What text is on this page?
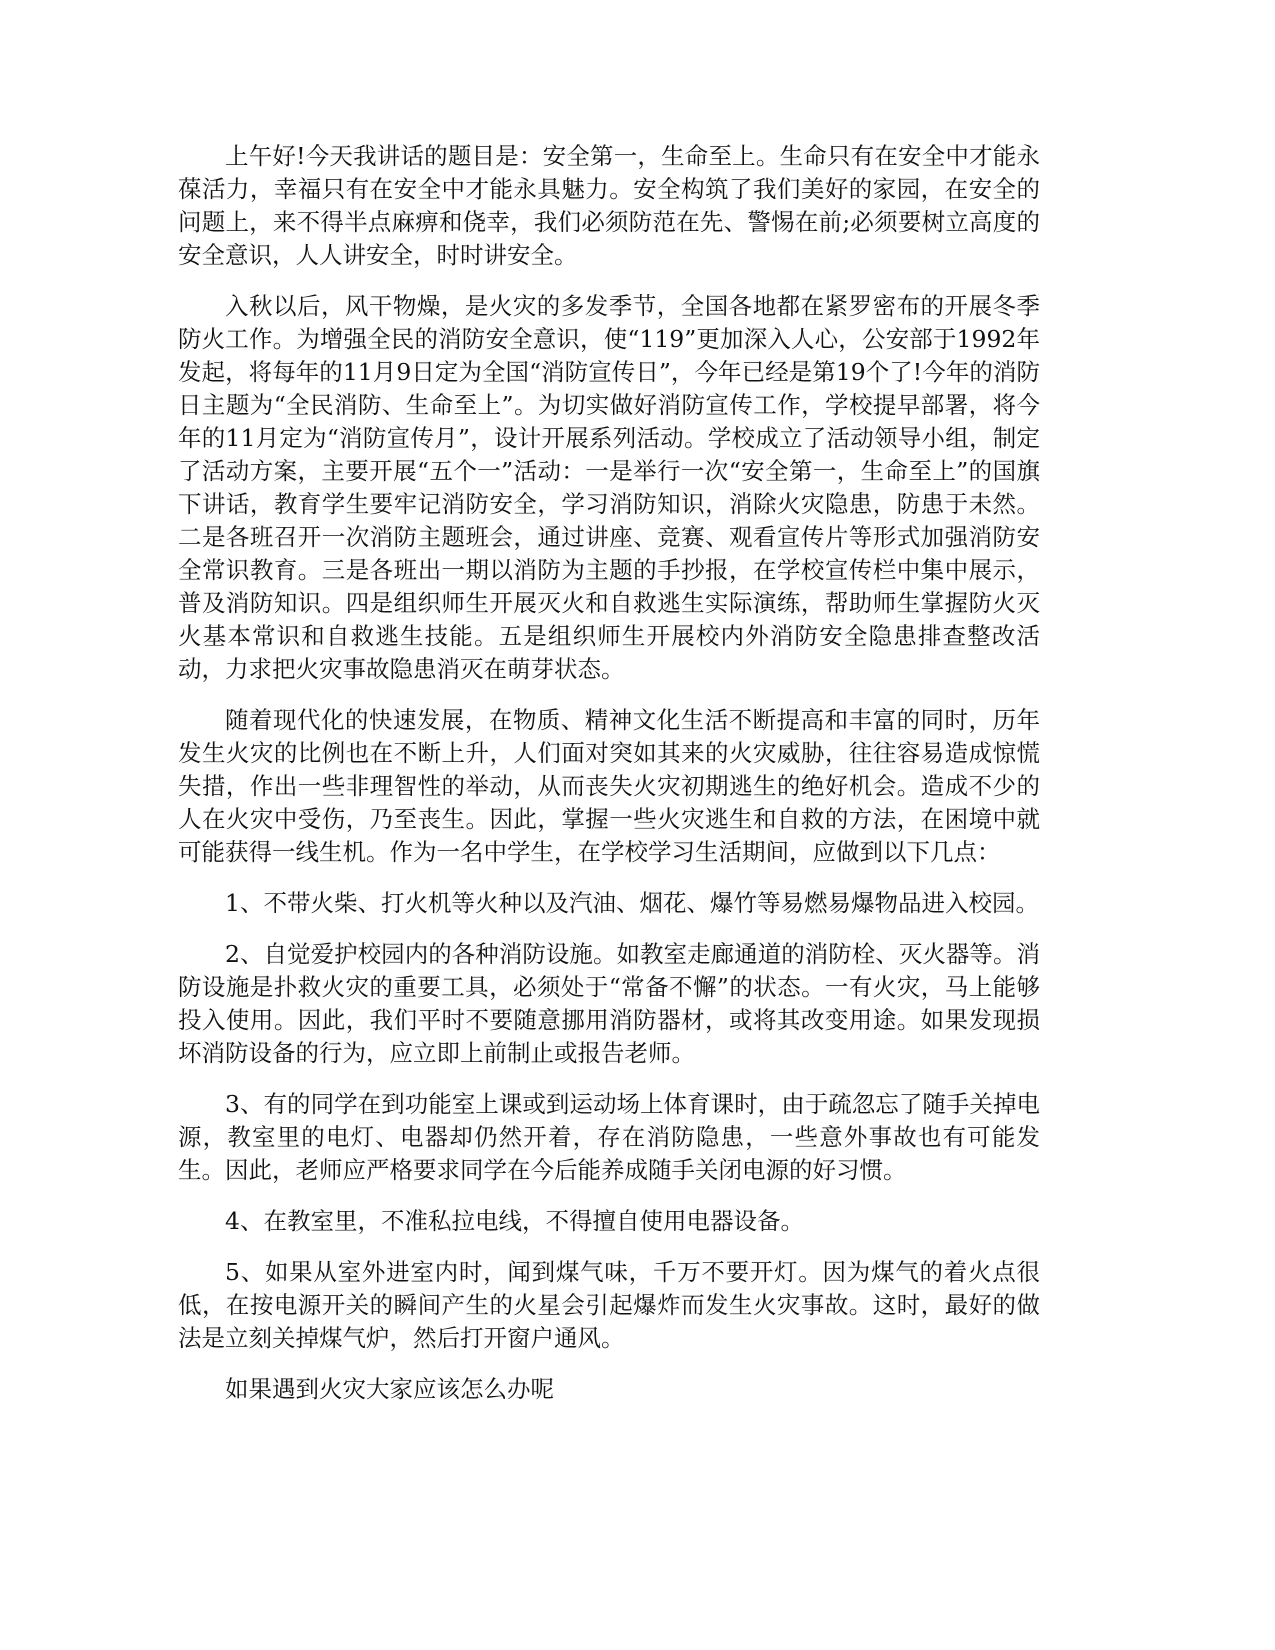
上午好!今天我讲话的题目是：安全第一，生命至上。生命只有在安全中才能永葆活力，幸福只有在安全中才能永具魅力。安全构筑了我们美好的家园，在安全的问题上，来不得半点麻痹和侥幸，我们必须防范在先、警惕在前;必须要树立高度的安全意识，人人讲安全，时时讲安全。

入秋以后，风干物燥，是火灾的多发季节，全国各地都在紧罗密布的开展冬季防火工作。为增强全民的消防安全意识，使“119”更加深入人心，公安部于1992年发起，将每年的11月9日定为全国“消防宣传日”，今年已经是第19个了!今年的消防日主题为“全民消防、生命至上”。为切实做好消防宣传工作，学校提早部署，将今年的11月定为“消防宣传月”，设计开展系列活动。学校成立了活动领导小组，制定了活动方案，主要开展“五个一”活动：一是举行一次“安全第一，生命至上”的国旗下讲话，教育学生要牢记消防安全，学习消防知识，消除火灾隐患，防患于未然。二是各班召开一次消防主题班会，通过讲座、竞赛、观看宣传片等形式加强消防安全常识教育。三是各班出一期以消防为主题的手抄报，在学校宣传栏中集中展示，普及消防知识。四是组织师生开展灭火和自救逃生实际演练，帮助师生掌握防火灭火基本常识和自救逃生技能。五是组织师生开展校内外消防安全隐患排查整改活动，力求把火灾事故隐患消灭在萌芽状态。

随着现代化的快速发展，在物质、精神文化生活不断提高和丰富的同时，历年发生火灾的比例也在不断上升，人们面对突如其来的火灾威胁，往往容易造成惊慌失措，作出一些非理智性的举动，从而丧失火灾初期逃生的绝好机会。造成不少的人在火灾中受伤，乃至丧生。因此，掌握一些火灾逃生和自救的方法，在困境中就可能获得一线生机。作为一名中学生，在学校学习生活期间，应做到以下几点：

1、不带火柴、打火机等火种以及汽油、烟花、爆竹等易燃易爆物品进入校园。

2、自觉爱护校园内的各种消防设施。如教室走廊通道的消防栓、灭火器等。消防设施是扑救火灾的重要工具，必须处于“常备不懈”的状态。一有火灾，马上能够投入使用。因此，我们平时不要随意挪用消防器材，或将其改变用途。如果发现损坏消防设备的行为，应立即上前制止或报告老师。

3、有的同学在到功能室上课或到运动场上体育课时，由于疏忽忘了随手关掉电源，教室里的电灯、电器却仍然开着，存在消防隐患，一些意外事故也有可能发生。因此，老师应严格要求同学在今后能养成随手关闭电源的好习惯。

4、在教室里，不准私拉电线，不得擅自使用电器设备。

5、如果从室外进室内时，闻到煤气味，千万不要开灯。因为煤气的着火点很低，在按电源开关的瞬间产生的火星会引起爆炸而发生火灾事故。这时，最好的做法是立刻关掉煤气炉，然后打开窗户通风。

如果遇到火灾大家应该怎么办呢
